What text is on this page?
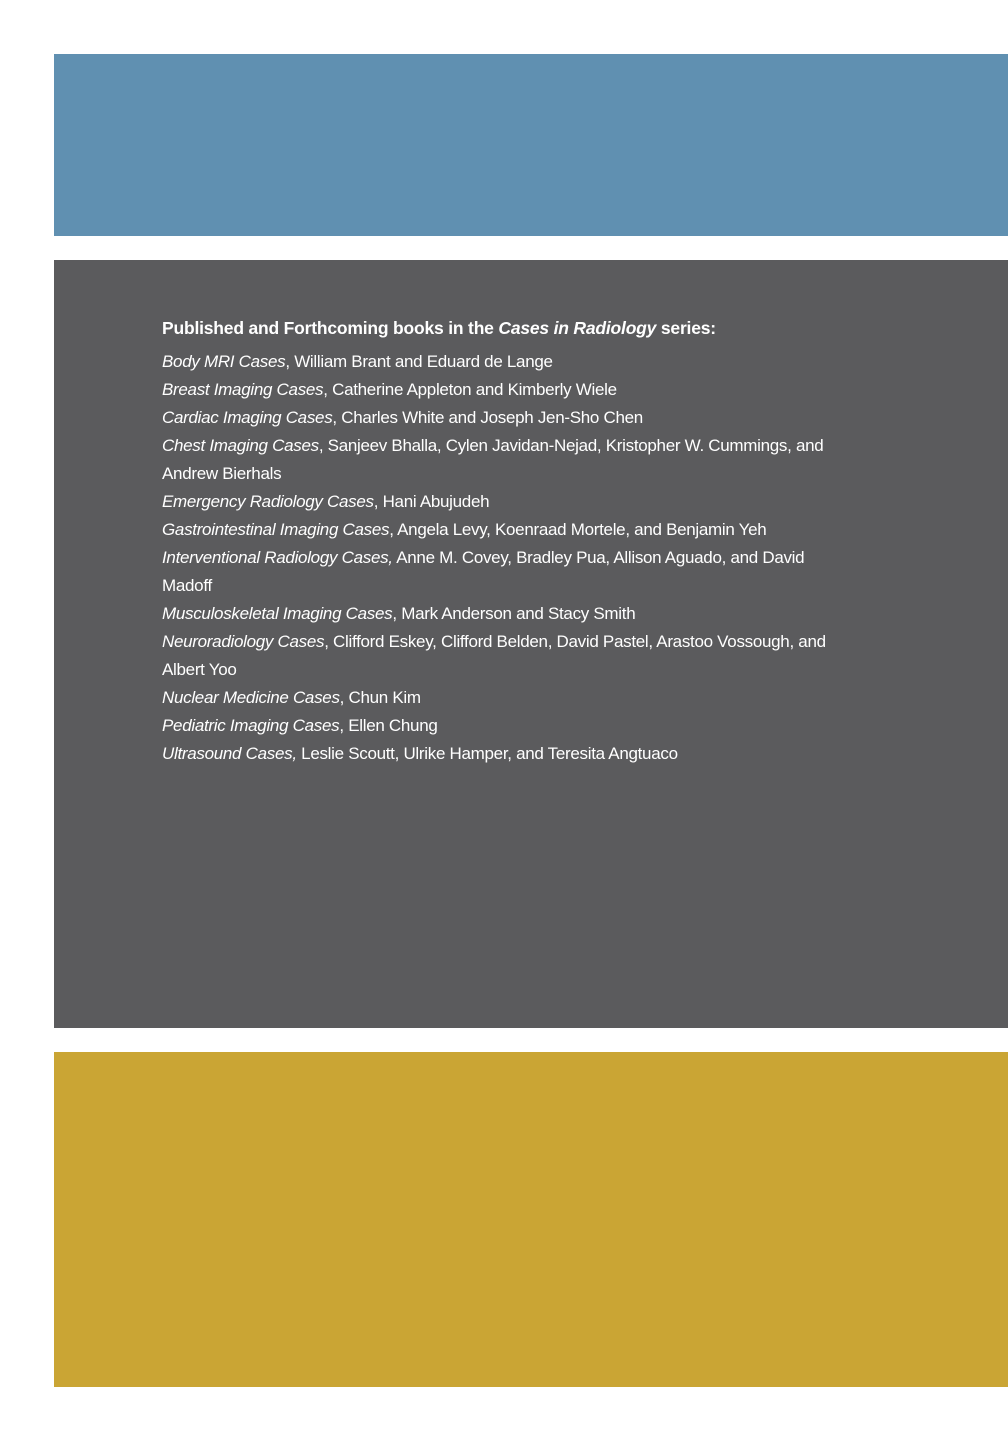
Published and Forthcoming books in the Cases in Radiology series:

Body MRI Cases, William Brant and Eduard de Lange
Breast Imaging Cases, Catherine Appleton and Kimberly Wiele
Cardiac Imaging Cases, Charles White and Joseph Jen-Sho Chen
Chest Imaging Cases, Sanjeev Bhalla, Cylen Javidan-Nejad, Kristopher W. Cummings, and Andrew Bierhals
Emergency Radiology Cases, Hani Abujudeh
Gastrointestinal Imaging Cases, Angela Levy, Koenraad Mortele, and Benjamin Yeh
Interventional Radiology Cases, Anne M. Covey, Bradley Pua, Allison Aguado, and David Madoff
Musculoskeletal Imaging Cases, Mark Anderson and Stacy Smith
Neuroradiology Cases, Clifford Eskey, Clifford Belden, David Pastel, Arastoo Vossough, and Albert Yoo
Nuclear Medicine Cases, Chun Kim
Pediatric Imaging Cases, Ellen Chung
Ultrasound Cases, Leslie Scoutt, Ulrike Hamper, and Teresita Angtuaco
